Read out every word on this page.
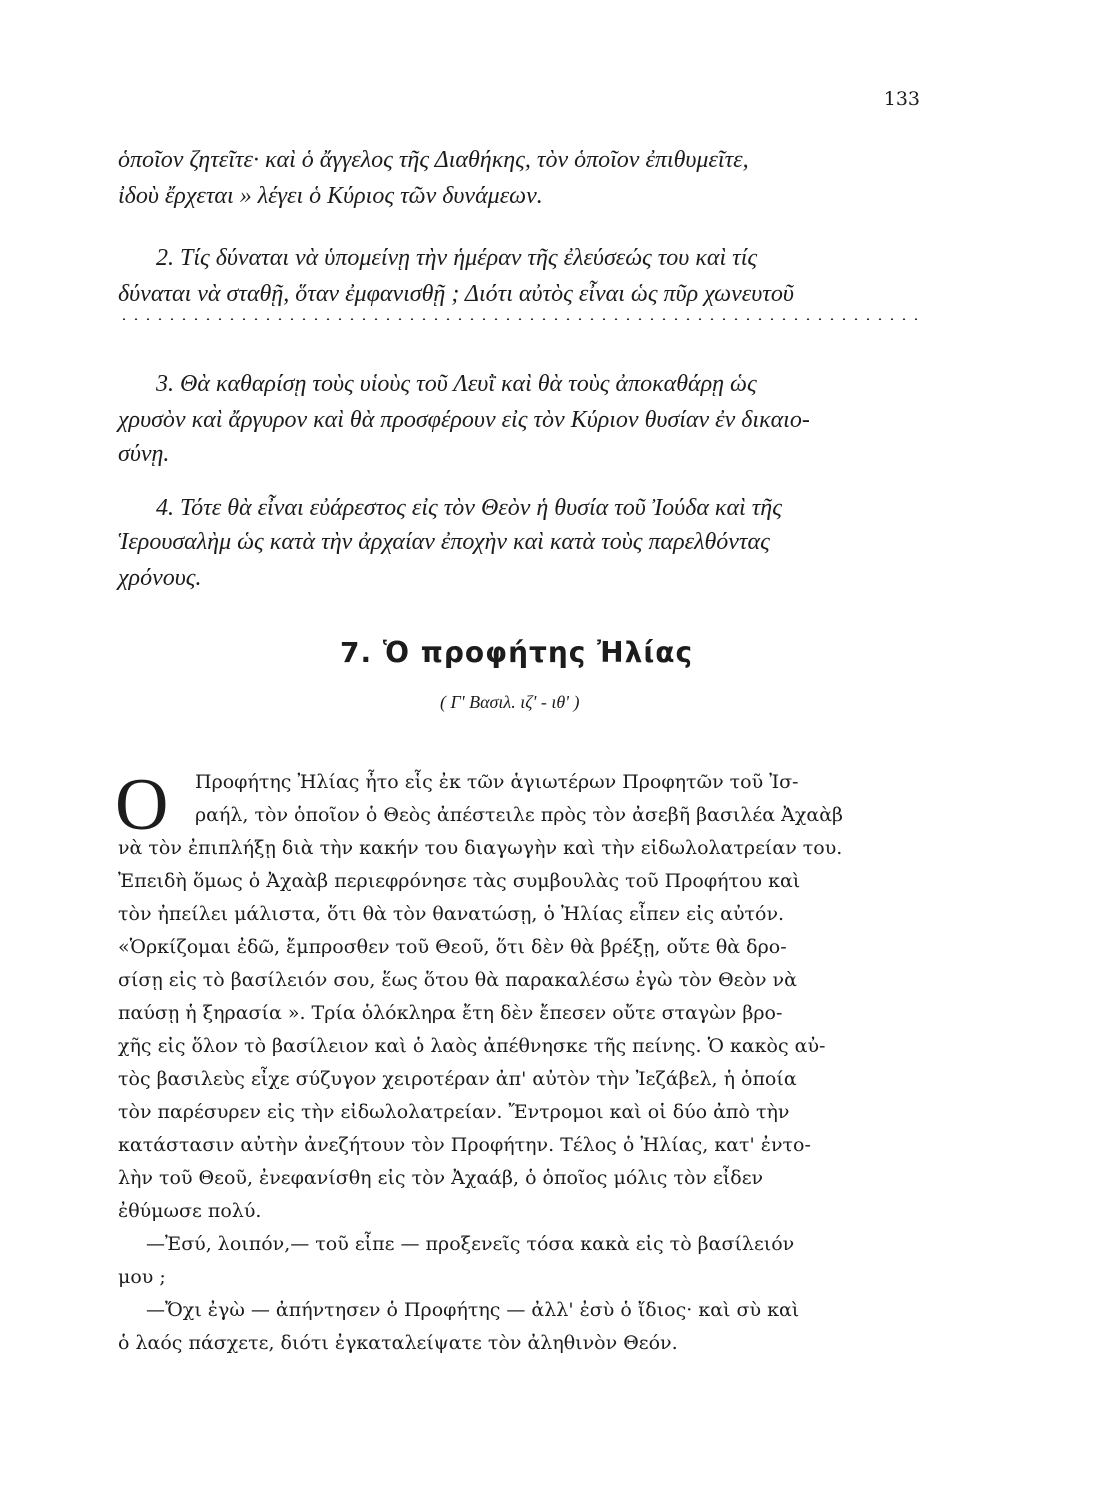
133
ὁποῖον ζητεῖτε· καὶ ὁ ἄγγελος τῆς Διαθήκης, τὸν ὁποῖον ἐπιθυμεῖτε,
ἰδοὺ ἔρχεται » λέγει ὁ Κύριος τῶν δυνάμεων.
2. Τίς δύναται νὰ ὑπομείνῃ τὴν ἡμέραν τῆς ἐλεύσεώς του καὶ τίς
δύναται νὰ σταθῇ, ὅταν ἐμφανισθῇ ; Διότι αὐτὸς εἶναι ὡς πῦρ χωνευτοῦ
3. Θὰ καθαρίσῃ τοὺς υἱοὺς τοῦ Λευῒ καὶ θὰ τοὺς ἀποκαθάρῃ ὡς
χρυσὸν καὶ ἄργυρον καὶ θὰ προσφέρουν εἰς τὸν Κύριον θυσίαν ἐν δικαιο-
σύνῃ.
4. Τότε θὰ εἶναι εὐάρεστος εἰς τὸν Θεὸν ἡ θυσία τοῦ Ἰούδα καὶ τῆς
Ἱερουσαλὴμ ὡς κατὰ τὴν ἀρχαίαν ἐποχὴν καὶ κατὰ τοὺς παρελθόντας
χρόνους.
7. Ὁ προφήτης Ἠλίας
( Γ' Βασιλ. ιζ' - ιθ' )
Ο Προφήτης Ἠλίας ἦτο εἷς ἐκ τῶν ἁγιωτέρων Προφητῶν τοῦ Ἰσ-
ραήλ, τὸν ὁποῖον ὁ Θεὸς ἀπέστειλε πρὸς τὸν ἀσεβῆ βασιλέα Ἀχαὰβ
νὰ τὸν ἐπιπλήξῃ διὰ τὴν κακήν του διαγωγὴν καὶ τὴν εἰδωλολατρείαν του.
Ἐπειδὴ ὅμως ὁ Ἀχαὰβ περιεφρόνησε τὰς συμβουλὰς τοῦ Προφήτου καὶ
τὸν ἠπείλει μάλιστα, ὅτι θὰ τὸν θανατώσῃ, ὁ Ἠλίας εἶπεν εἰς αὐτόν.
«Ὁρκίζομαι ἐδῶ, ἔμπροσθεν τοῦ Θεοῦ, ὅτι δὲν θὰ βρέξῃ, οὔτε θὰ δρο-
σίσῃ εἰς τὸ βασίλειόν σου, ἕως ὅτου θὰ παρακαλέσω ἐγὼ τὸν Θεὸν νὰ
παύσῃ ἡ ξηρασία ». Τρία ὁλόκληρα ἔτη δὲν ἔπεσεν οὔτε σταγὼν βρο-
χῆς εἰς ὅλον τὸ βασίλειον καὶ ὁ λαὸς ἀπέθνησκε τῆς πείνης. Ὁ κακὸς αὐ-
τὸς βασιλεὺς εἶχε σύζυγον χειροτέραν ἀπ' αὐτὸν τὴν Ἰεζάβελ, ἡ ὁποία
τὸν παρέσυρεν εἰς τὴν εἰδωλολατρείαν. Ἔντρομοι καὶ οἱ δύο ἀπὸ τὴν
κατάστασιν αὐτὴν ἀνεζήτουν τὸν Προφήτην. Τέλος ὁ Ἠλίας, κατ' ἐντο-
λὴν τοῦ Θεοῦ, ἐνεφανίσθη εἰς τὸν Ἀχαάβ, ὁ ὁποῖος μόλις τὸν εἶδεν
ἐθύμωσε πολύ.
—Ἐσύ, λοιπόν,— τοῦ εἶπε — προξενεῖς τόσα κακὰ εἰς τὸ βασίλειόν
μου ;
—Ὄχι ἐγὼ — ἀπήντησεν ὁ Προφήτης — ἀλλ' ἐσὺ ὁ ἴδιος· καὶ σὺ καὶ
ὁ λαός πάσχετε, διότι ἐγκαταλείψατε τὸν ἀληθινὸν Θεόν.
